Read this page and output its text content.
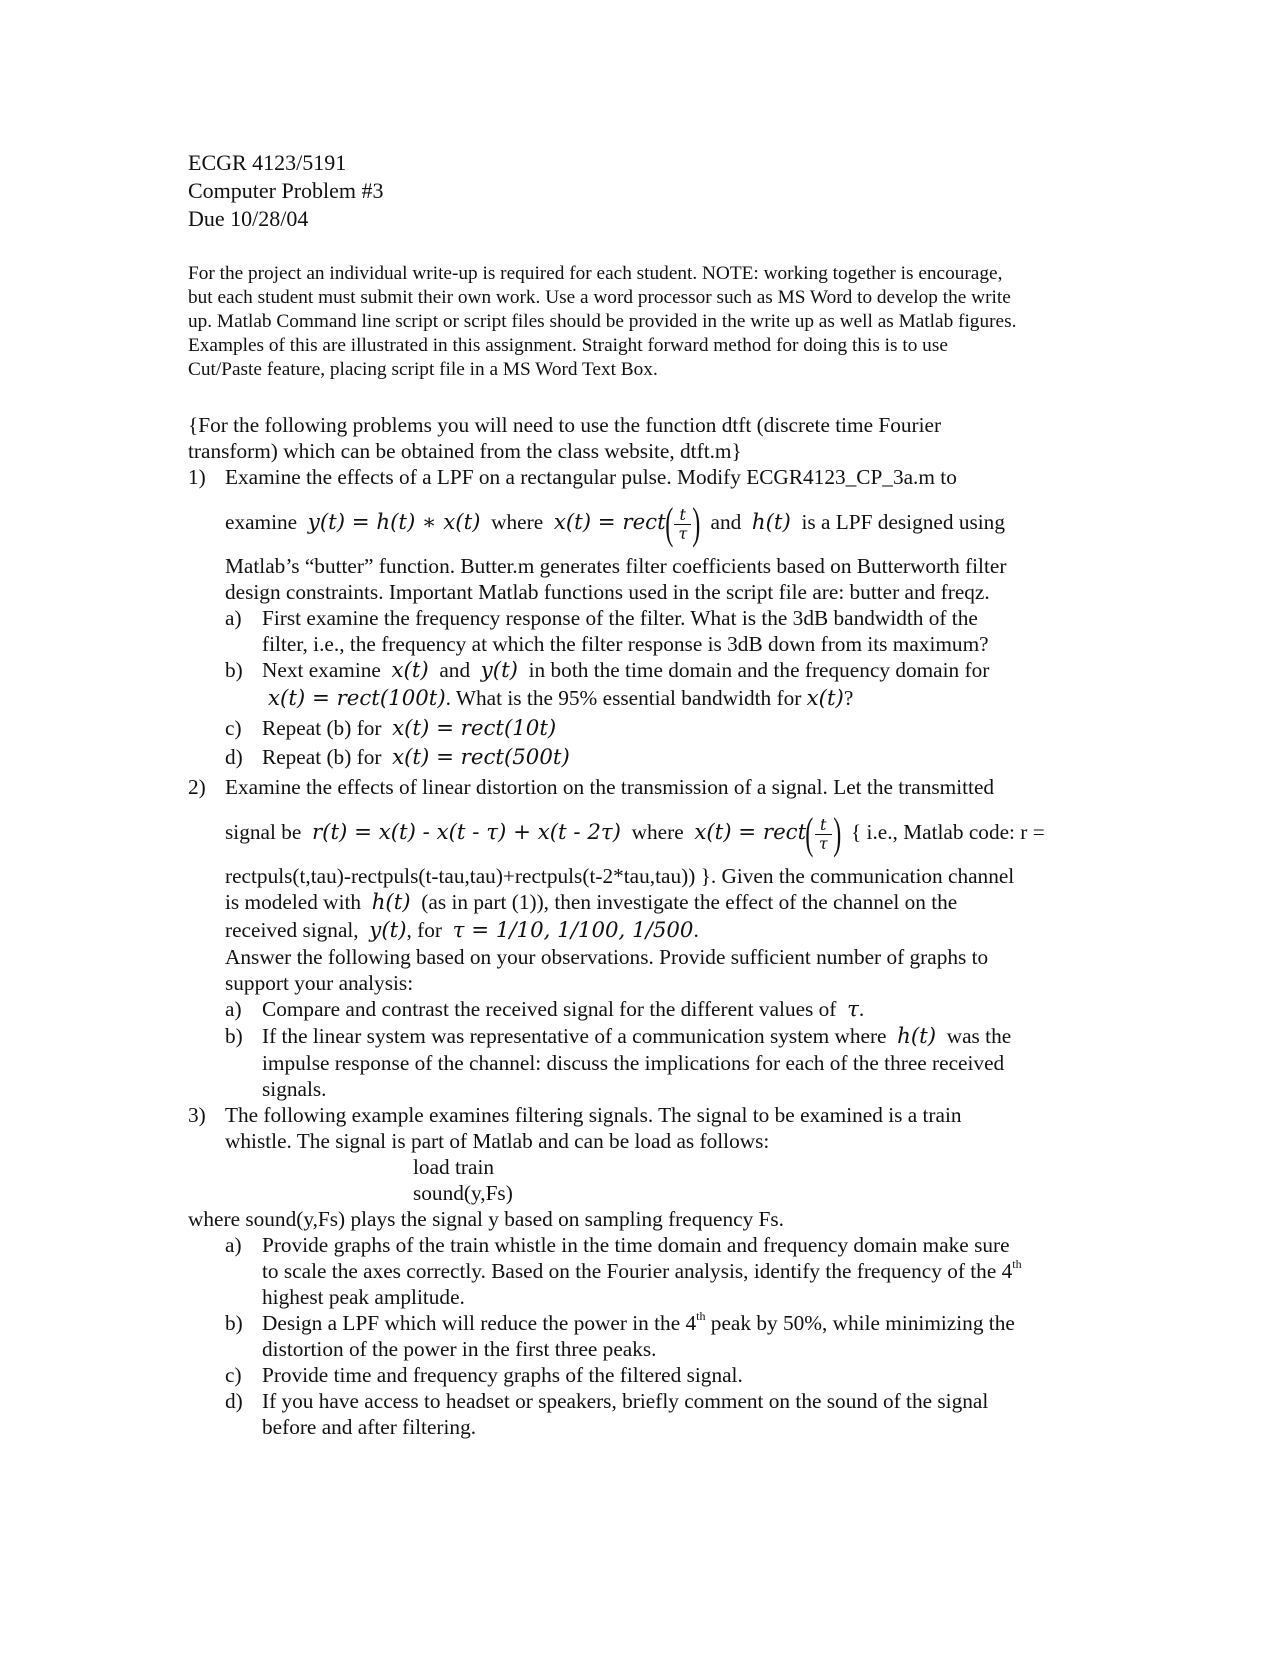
ECGR 4123/5191
Computer Problem #3
Due 10/28/04
For the project an individual write-up is required for each student. NOTE: working together is encourage,
but each student must submit their own work. Use a word processor such as MS Word to develop the write
up. Matlab Command line script or script files should be provided in the write up as well as Matlab figures.
Examples of this are illustrated in this assignment. Straight forward method for doing this is to use
Cut/Paste feature, placing script file in a MS Word Text Box.
{For the following problems you will need to use the function dtft (discrete time Fourier
transform) which can be obtained from the class website, dtft.m}
1) Examine the effects of a LPF on a rectangular pulse. Modify ECGR4123_CP_3a.m to
examine y(t) = h(t) ∗ x(t) where x(t) = rect( $\frac{t}{\tau}$ ) and h(t) is a LPF designed using
Matlab’s “butter” function. Butter.m generates filter coefficients based on Butterworth filter
design constraints. Important Matlab functions used in the script file are: butter and freqz.
a) First examine the frequency response of the filter. What is the 3dB bandwidth of the
filter, i.e., the frequency at which the filter response is 3dB down from its maximum?
b) Next examine x(t) and y(t) in both the time domain and the frequency domain for
x(t) = rect(100t). What is the 95% essential bandwidth for x(t)?
c) Repeat (b) for x(t) = rect(10t)
d) Repeat (b) for x(t) = rect(500t)
2) Examine the effects of linear distortion on the transmission of a signal. Let the transmitted
signal be r(t) = x(t) - x(t - τ) + x(t - 2τ) where x(t) = rect( $\frac{t}{\tau}$ ) { i.e., Matlab code: r =
rectpuls(t,tau)-rectpuls(t-tau,tau)+rectpuls(t-2*tau,tau)) }. Given the communication channel
is modeled with h(t) (as in part (1)), then investigate the effect of the channel on the
received signal, y(t), for τ = 1/10, 1/100, 1/500.
Answer the following based on your observations. Provide sufficient number of graphs to
support your analysis:
a) Compare and contrast the received signal for the different values of τ.
b) If the linear system was representative of a communication system where h(t) was the
impulse response of the channel: discuss the implications for each of the three received
signals.
3) The following example examines filtering signals. The signal to be examined is a train
whistle. The signal is part of Matlab and can be load as follows:
load train
sound(y,Fs)
where sound(y,Fs) plays the signal y based on sampling frequency Fs.
a) Provide graphs of the train whistle in the time domain and frequency domain make sure
to scale the axes correctly. Based on the Fourier analysis, identify the frequency of the 4th
highest peak amplitude.
b) Design a LPF which will reduce the power in the 4th peak by 50%, while minimizing the
distortion of the power in the first three peaks.
c) Provide time and frequency graphs of the filtered signal.
d) If you have access to headset or speakers, briefly comment on the sound of the signal
before and after filtering.
